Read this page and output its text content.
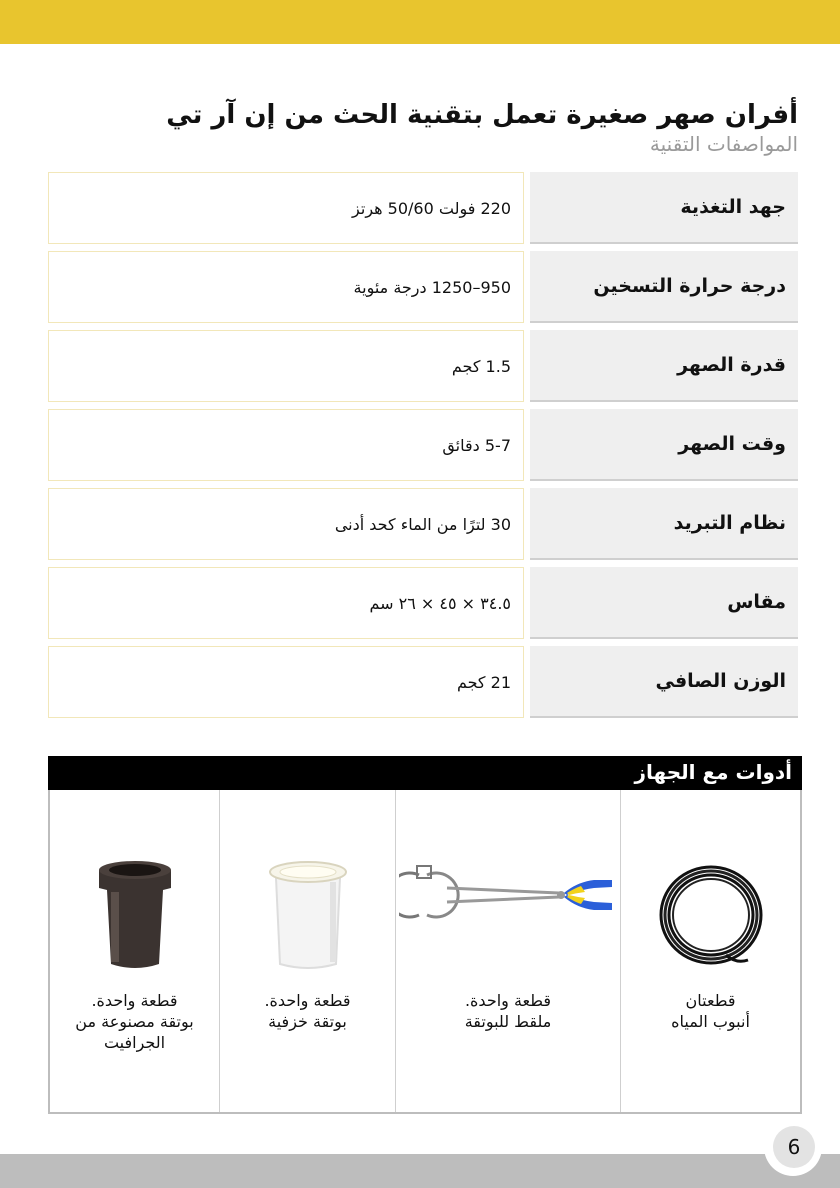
أفران صهر صغيرة تعمل بتقنية الحث من إن آر تي
المواصفات التقنية
جهد التغذية
220 فولت 50/60 هرتز
درجة حرارة التسخين
950–1250 درجة مئوية
قدرة الصهر
1.5 كجم
وقت الصهر
5-7 دقائق
نظام التبريد
30 لترًا من الماء كحد أدنى
مقاس
٣٤.٥ × ٤٥ × ٢٦ سم
الوزن الصافي
21 كجم
أدوات مع الجهاز
قطعتان
أنبوب المياه
قطعة واحدة.
ملقط للبوتقة
قطعة واحدة.
بوتقة خزفية
قطعة واحدة.
بوتقة مصنوعة من
الجرافيت
6
